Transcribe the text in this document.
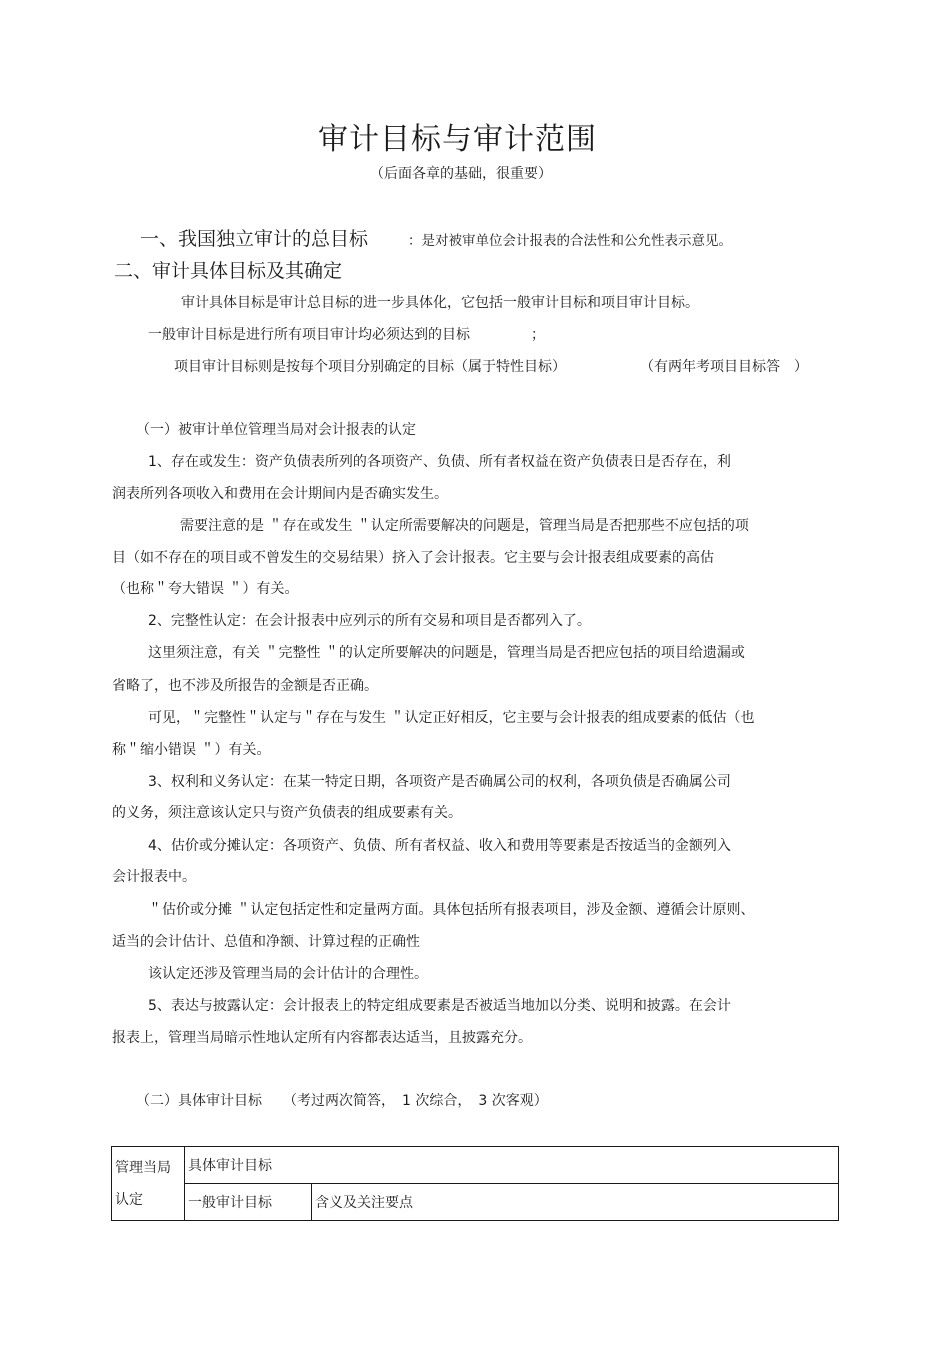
审计目标与审计范围
（后面各章的基础，很重要）
一、我国独立审计的总目标	：是对被审单位会计报表的合法性和公允性表示意见。
二、审计具体目标及其确定
审计具体目标是审计总目标的进一步具体化，它包括一般审计目标和项目审计目标。
一般审计目标是进行所有项目审计均必须达到的目标	；
项目审计目标则是按每个项目分别确定的目标（属于特性目标）	（有两年考项目目标答　）
（一）被审计单位管理当局对会计报表的认定
1、存在或发生：资产负债表所列的各项资产、负债、所有者权益在资产负债表日是否存在，利
润表所列各项收入和费用在会计期间内是否确实发生。
需要注意的是 ＂存在或发生 ＂认定所需要解决的问题是，管理当局是否把那些不应包括的项
目（如不存在的项目或不曾发生的交易结果）挤入了会计报表。它主要与会计报表组成要素的高估
（也称＂夸大错误 ＂）有关。
2、完整性认定：在会计报表中应列示的所有交易和项目是否都列入了。
这里须注意，有关 ＂完整性 ＂的认定所要解决的问题是，管理当局是否把应包括的项目给遗漏或
省略了，也不涉及所报告的金额是否正确。
可见，＂完整性＂认定与＂存在与发生 ＂认定正好相反，它主要与会计报表的组成要素的低估（也
称＂缩小错误 ＂）有关。
3、权利和义务认定：在某一特定日期，各项资产是否确属公司的权利，各项负债是否确属公司
的义务，须注意该认定只与资产负债表的组成要素有关。
4、估价或分摊认定：各项资产、负债、所有者权益、收入和费用等要素是否按适当的金额列入
会计报表中。
＂估价或分摊 ＂认定包括定性和定量两方面。具体包括所有报表项目，涉及金额、遵循会计原则、
适当的会计估计、总值和净额、计算过程的正确性
该认定还涉及管理当局的会计估计的合理性。
5、表达与披露认定：会计报表上的特定组成要素是否被适当地加以分类、说明和披露。在会计
报表上，管理当局暗示性地认定所有内容都表达适当，且披露充分。
（二）具体审计目标 （考过两次简答，　1 次综合，　3 次客观）
管理当局认定	具体审计目标	
	一般审计目标	含义及关注要点
